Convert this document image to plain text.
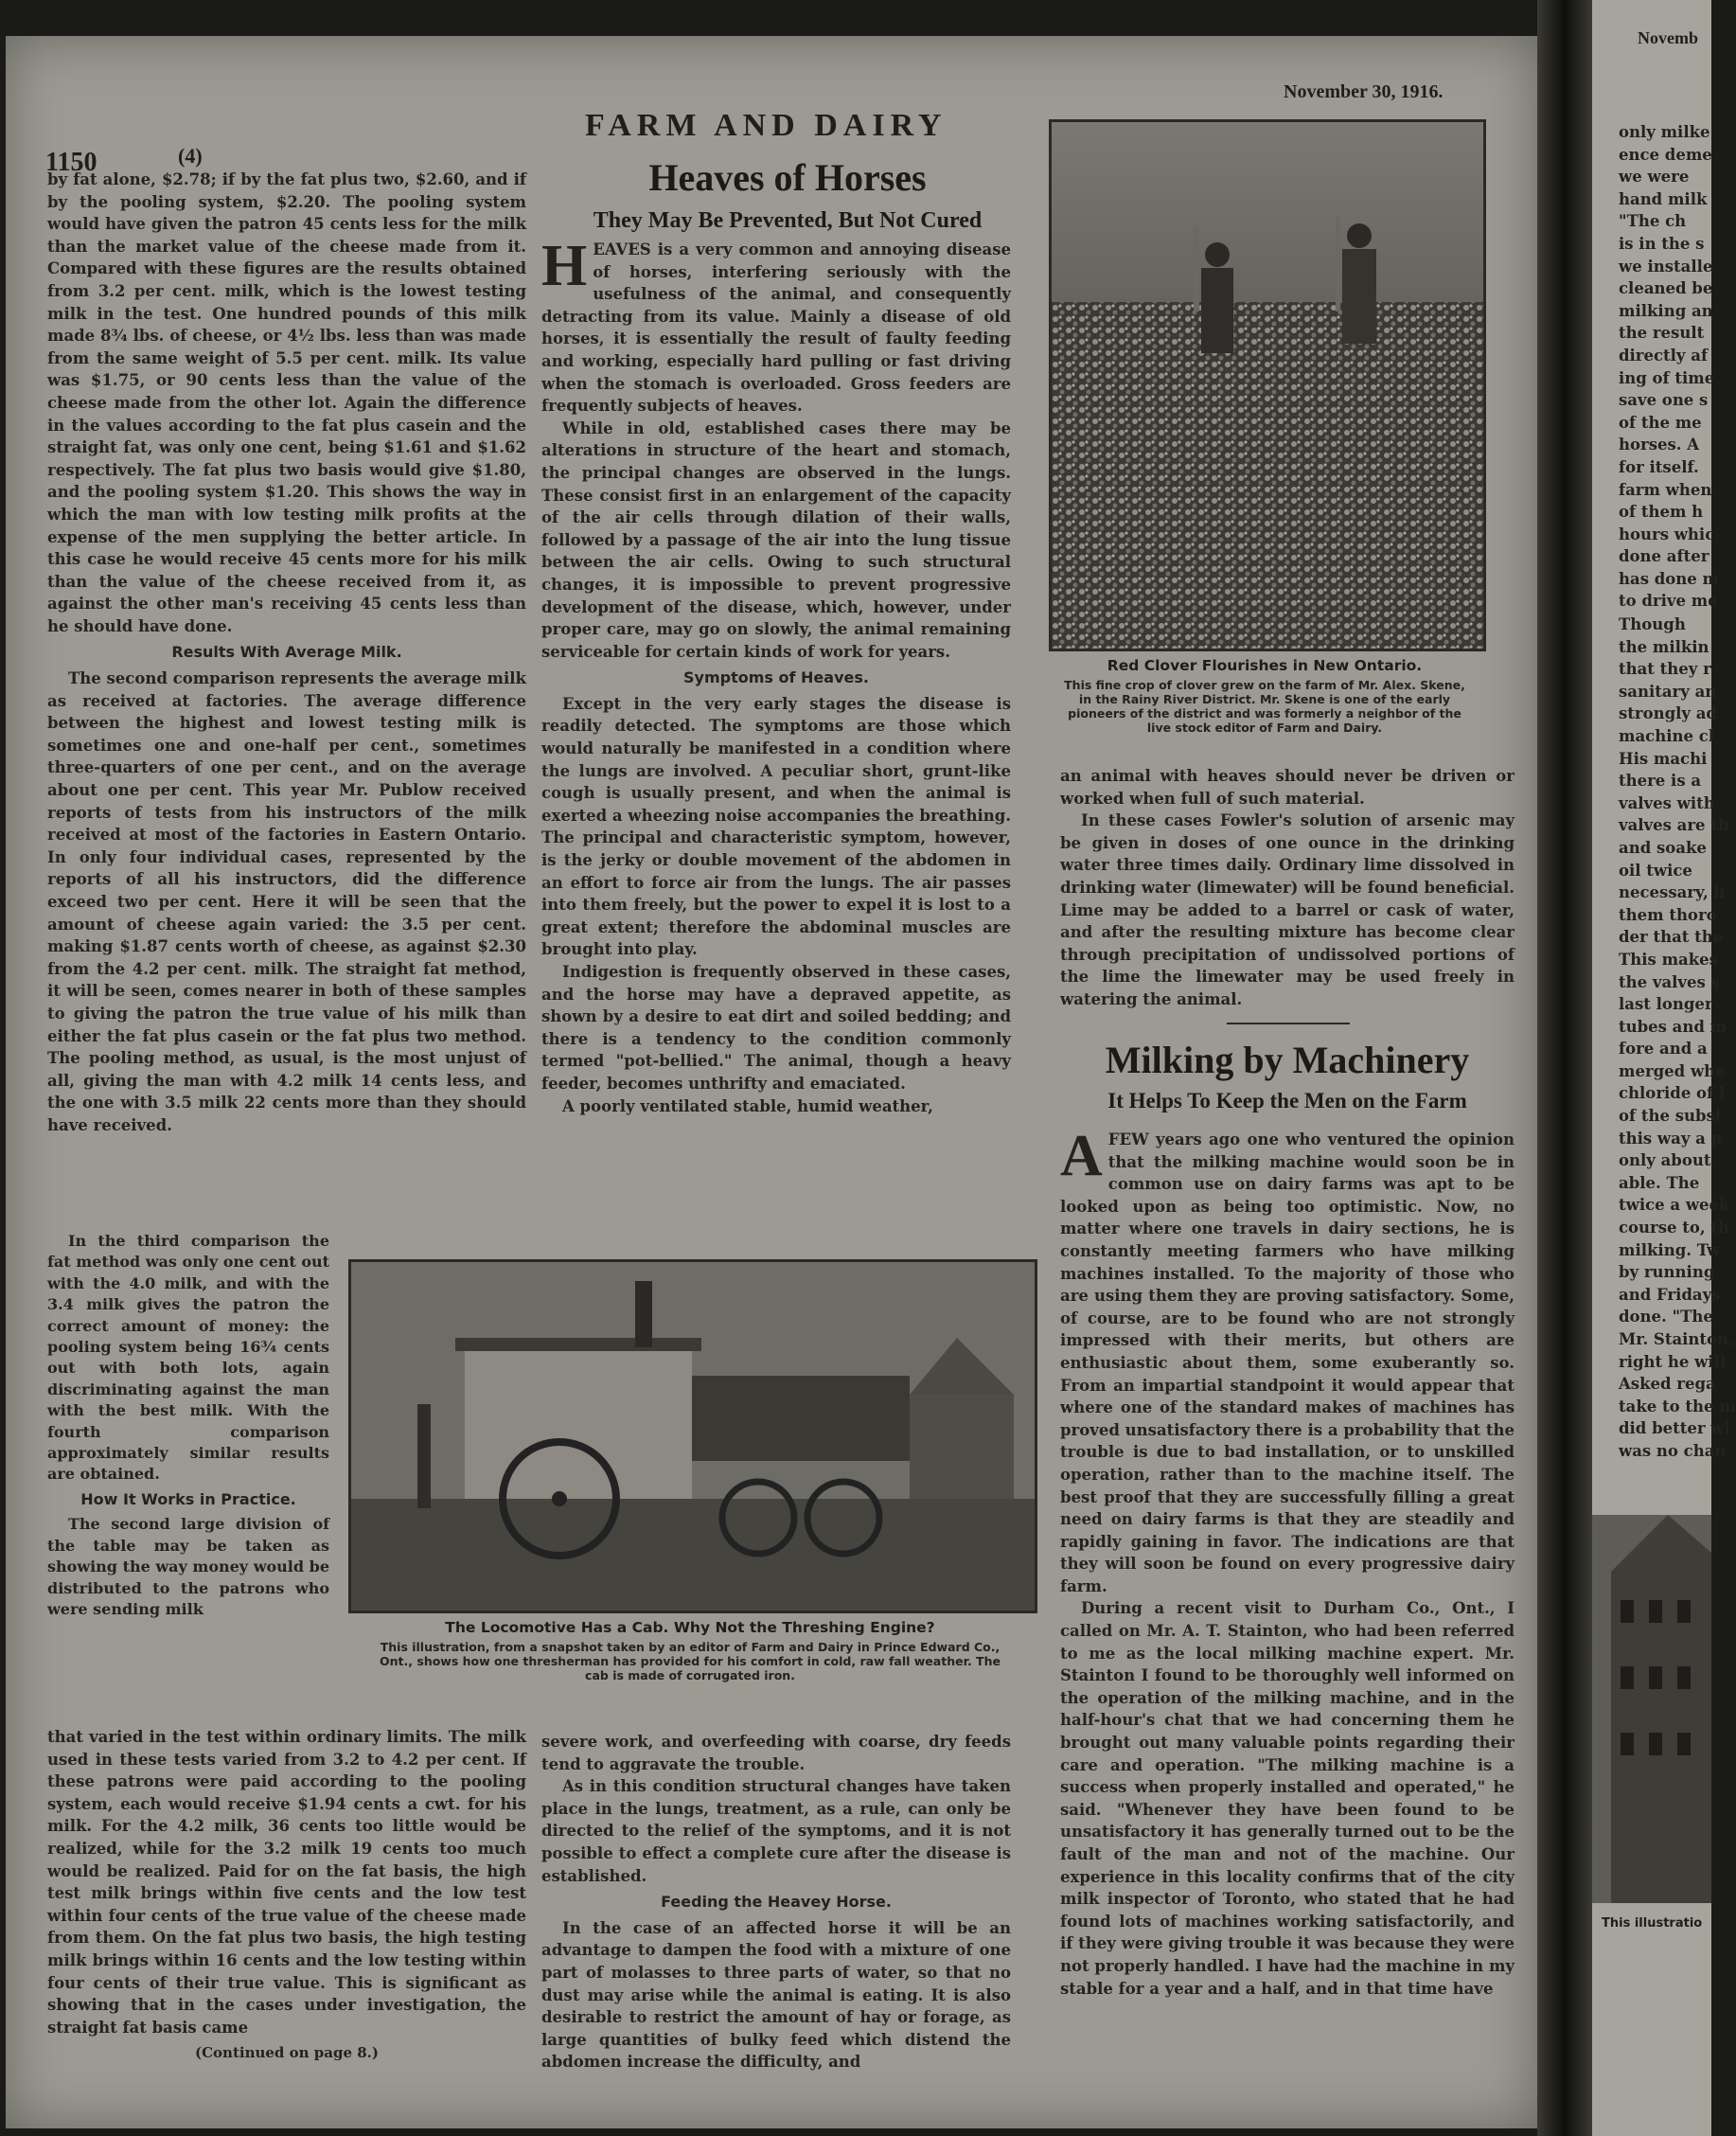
1150	(4)
FARM AND DAIRY
November 30, 1916.

by fat alone, $2.78; if by the fat plus two, $2.60, and if by the pooling system, $2.20. The pooling system would have given the patron 45 cents less for the milk than the market value of the cheese made from it. Compared with these figures are the results obtained from 3.2 per cent. milk, which is the lowest testing milk in the test. One hundred pounds of this milk made 8¾ lbs. of cheese, or 4½ lbs. less than was made from the same weight of 5.5 per cent. milk. Its value was $1.75, or 90 cents less than the value of the cheese made from the other lot. Again the difference in the values according to the fat plus casein and the straight fat, was only one cent, being $1.61 and $1.62 respectively. The fat plus two basis would give $1.80, and the pooling system $1.20. This shows the way in which the man with low testing milk profits at the expense of the men supplying the better article. In this case he would receive 45 cents more for his milk than the value of the cheese received from it, as against the other man's receiving 45 cents less than he should have done.

Results With Average Milk.

The second comparison represents the average milk as received at factories. The average difference between the highest and lowest testing milk is sometimes one and one-half per cent., sometimes three-quarters of one per cent., and on the average about one per cent. This year Mr. Publow received reports of tests from his instructors of the milk received at most of the factories in Eastern Ontario. In only four individual cases, represented by the reports of all his instructors, did the difference exceed two per cent. Here it will be seen that the amount of cheese again varied: the 3.5 per cent. making $1.87 cents worth of cheese, as against $2.30 from the 4.2 per cent. milk. The straight fat method, it will be seen, comes nearer in both of these samples to giving the patron the true value of his milk than either the fat plus casein or the fat plus two method. The pooling method, as usual, is the most unjust of all, giving the man with 4.2 milk 14 cents less, and the one with 3.5 milk 22 cents more than they should have received.

In the third comparison the fat method was only one cent out with the 4.0 milk, and with the 3.4 milk gives the patron the correct amount of money: the pooling system being 16¾ cents out with both lots, again discriminating against the man with the best milk. With the fourth comparison approximately similar results are obtained.

How It Works in Practice.

The second large division of the table may be taken as showing the way money would be distributed to the patrons who were sending milk

that varied in the test within ordinary limits. The milk used in these tests varied from 3.2 to 4.2 per cent. If these patrons were paid according to the pooling system, each would receive $1.94 cents a cwt. for his milk. For the 4.2 milk, 36 cents too little would be realized, while for the 3.2 milk 19 cents too much would be realized. Paid for on the fat basis, the high test milk brings within five cents and the low test within four cents of the true value of the cheese made from them. On the fat plus two basis, the high testing milk brings within 16 cents and the low testing within four cents of their true value. This is significant as showing that in the cases under investigation, the straight fat basis came

(Continued on page 8.)
Heaves of Horses
They May Be Prevented, But Not Cured
H EAVES is a very common and annoying disease of horses, interfering seriously with the usefulness of the animal, and consequently detracting from its value. Mainly a disease of old horses, it is essentially the result of faulty feeding and working, especially hard pulling or fast driving when the stomach is overloaded. Gross feeders are frequently subjects of heaves.

While in old, established cases there may be alterations in structure of the heart and stomach, the principal changes are observed in the lungs. These consist first in an enlargement of the capacity of the air cells through dilation of their walls, followed by a passage of the air into the lung tissue between the air cells. Owing to such structural changes, it is impossible to prevent progressive development of the disease, which, however, under proper care, may go on slowly, the animal remaining serviceable for certain kinds of work for years.

Symptoms of Heaves.

Except in the very early stages the disease is readily detected. The symptoms are those which would naturally be manifested in a condition where the lungs are involved. A peculiar short, grunt-like cough is usually present, and when the animal is exerted a wheezing noise accompanies the breathing. The principal and characteristic symptom, however, is the jerky or double movement of the abdomen in an effort to force air from the lungs. The air passes into them freely, but the power to expel it is lost to a great extent; therefore the abdominal muscles are brought into play.

Indigestion is frequently observed in these cases, and the horse may have a depraved appetite, as shown by a desire to eat dirt and soiled bedding; and there is a tendency to the condition commonly termed "pot-bellied." The animal, though a heavy feeder, becomes unthrifty and emaciated.

A poorly ventilated stable, humid weather,

severe work, and overfeeding with coarse, dry feeds tend to aggravate the trouble.

As in this condition structural changes have taken place in the lungs, treatment, as a rule, can only be directed to the relief of the symptoms, and it is not possible to effect a complete cure after the disease is established.

Feeding the Heavey Horse.

In the case of an affected horse it will be an advantage to dampen the food with a mixture of one part of molasses to three parts of water, so that no dust may arise while the animal is eating. It is also desirable to restrict the amount of hay or forage, as large quantities of bulky feed which distend the abdomen increase the difficulty, and

Red Clover Flourishes in New Ontario.
This fine crop of clover grew on the farm of Mr. Alex. Skene, in the Rainy River District. Mr. Skene is one of the early pioneers of the district and was formerly a neighbor of the live stock editor of Farm and Dairy.

an animal with heaves should never be driven or worked when full of such material.

In these cases Fowler's solution of arsenic may be given in doses of one ounce in the drinking water three times daily. Ordinary lime dissolved in drinking water (limewater) will be found beneficial. Lime may be added to a barrel or cask of water, and after the resulting mixture has become clear through precipitation of undissolved portions of the lime the limewater may be used freely in watering the animal.

The Locomotive Has a Cab. Why Not the Threshing Engine?
This illustration, from a snapshot taken by an editor of Farm and Dairy in Prince Edward Co., Ont., shows how one thresherman has provided for his comfort in cold, raw fall weather. The cab is made of corrugated iron.
Milking by Machinery
It Helps To Keep the Men on the Farm
A FEW years ago one who ventured the opinion that the milking machine would soon be in common use on dairy farms was apt to be looked upon as being too optimistic. Now, no matter where one travels in dairy sections, he is constantly meeting farmers who have milking machines installed. To the majority of those who are using them they are proving satisfactory. Some, of course, are to be found who are not strongly impressed with their merits, but others are enthusiastic about them, some exuberantly so. From an impartial standpoint it would appear that where one of the standard makes of machines has proved unsatisfactory there is a probability that the trouble is due to bad installation, or to unskilled operation, rather than to the machine itself. The best proof that they are successfully filling a great need on dairy farms is that they are steadily and rapidly gaining in favor. The indications are that they will soon be found on every progressive dairy farm.

During a recent visit to Durham Co., Ont., I called on Mr. A. T. Stainton, who had been referred to me as the local milking machine expert. Mr. Stainton I found to be thoroughly well informed on the operation of the milking machine, and in the half-hour's chat that we had concerning them he brought out many valuable points regarding their care and operation. "The milking machine is a success when properly installed and operated," he said. "Whenever they have been found to be unsatisfactory it has generally turned out to be the fault of the man and not of the machine. Our experience in this locality confirms that of the city milk inspector of Toronto, who stated that he had found lots of machines working satisfactorily, and if they were giving trouble it was because they were not properly handled. I have had the machine in my stable for a year and a half, and in that time have

Novemb
only milke
ence deme
we were
hand milk
"The ch
is in the s
we installe
cleaned be
milking an
the result
directly af
ing of time
save one s
of the me
horses. A
for itself.
farm when
of them h
hours whic
done after
has done m
to drive me
Though
the milkin
that they r
sanitary an
strongly ad
machine cl
His machi
there is a
valves with
valves are th
and soake
oil twice
necessary, h
them thoro
der that the
This makes
the valves s
last longer
tubes and m
fore and a
merged whe
chloride of l
of the subst
this way a p
only about
able. The
twice a week
course to, th
milking. Tw
by running
and Fridays
done. "The
Mr. Stainton,
right he will
Asked rega
take to the m
did better wi
was no chan
This illustratio
